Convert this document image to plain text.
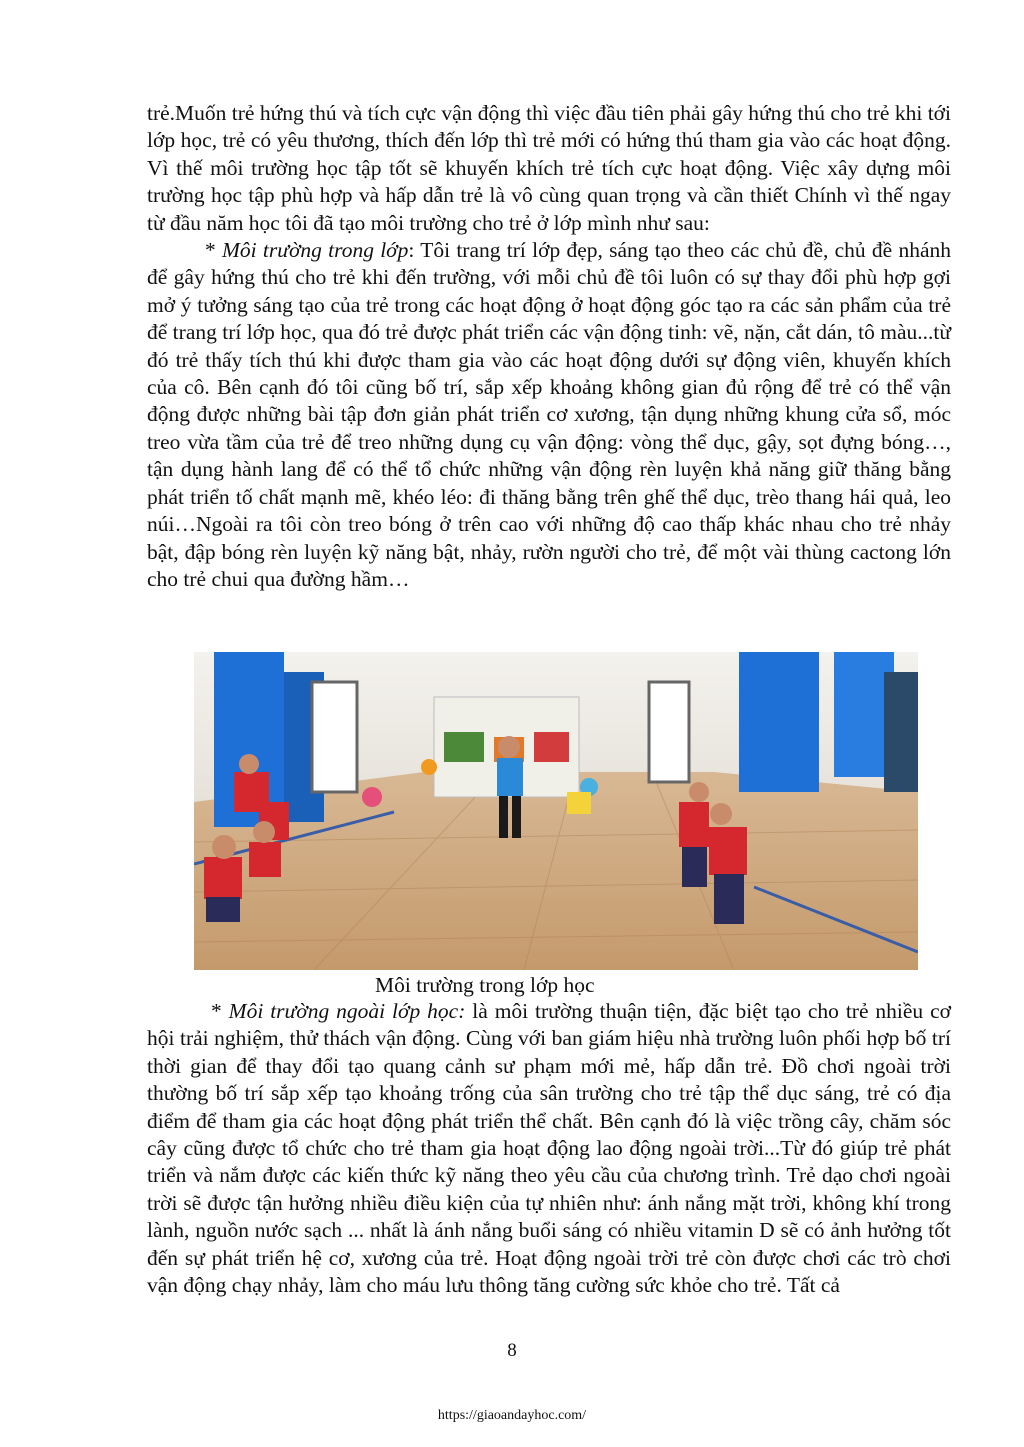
trẻ.Muốn trẻ hứng thú và tích cực vận động thì việc đầu tiên phải gây hứng thú cho trẻ khi tới lớp học, trẻ có yêu thương, thích đến lớp thì trẻ mới có hứng thú tham gia vào các hoạt động. Vì thế môi trường học tập tốt sẽ khuyến khích trẻ tích cực hoạt động. Việc xây dựng môi trường học tập phù hợp và hấp dẫn trẻ là vô cùng quan trọng và cần thiết Chính vì thế ngay từ đầu năm học tôi đã tạo môi trường cho trẻ ở lớp mình như sau:

* Môi trường trong lớp: Tôi trang trí lớp đẹp, sáng tạo theo các chủ đề, chủ đề nhánh để gây hứng thú cho trẻ khi đến trường, với mỗi chủ đề tôi luôn có sự thay đổi phù hợp gợi mở ý tưởng sáng tạo của trẻ trong các hoạt động ở hoạt động góc tạo ra các sản phẩm của trẻ để trang trí lớp học, qua đó trẻ được phát triển các vận động tinh: vẽ, nặn, cắt dán, tô màu...từ đó trẻ thấy tích thú khi được tham gia vào các hoạt động dưới sự động viên, khuyến khích của cô. Bên cạnh đó tôi cũng bố trí, sắp xếp khoảng không gian đủ rộng để trẻ có thể vận động được những bài tập đơn giản phát triển cơ xương, tận dụng những khung cửa sổ, móc treo vừa tầm của trẻ để treo những dụng cụ vận động: vòng thể dục, gậy, sọt đựng bóng…, tận dụng hành lang để có thể tổ chức những vận động rèn luyện khả năng giữ thăng bằng phát triển tố chất mạnh mẽ, khéo léo: đi thăng bằng trên ghế thể dục, trèo thang hái quả, leo núi…Ngoài ra tôi còn treo bóng ở trên cao với những độ cao thấp khác nhau cho trẻ nhảy bật, đập bóng rèn luyện kỹ năng bật, nhảy, rườn người cho trẻ, để một vài thùng cactong lớn cho trẻ chui qua đường hầm…

Môi trường trong lớp học

* Môi trường ngoài lớp học: là môi trường thuận tiện, đặc biệt tạo cho trẻ nhiều cơ hội trải nghiệm, thử thách vận động. Cùng với ban giám hiệu nhà trường luôn phối hợp bố trí thời gian để thay đổi tạo quang cảnh sư phạm mới mẻ, hấp dẫn trẻ. Đồ chơi ngoài trời thường bố trí sắp xếp tạo khoảng trống của sân trường cho trẻ tập thể dục sáng, trẻ có địa điểm để tham gia các hoạt động phát triển thể chất. Bên cạnh đó là việc trồng cây, chăm sóc cây cũng được tổ chức cho trẻ tham gia hoạt động lao động ngoài trời...Từ đó giúp trẻ phát triển và nắm được các kiến thức kỹ năng theo yêu cầu của chương trình. Trẻ dạo chơi ngoài trời sẽ được tận hưởng nhiều điều kiện của tự nhiên như: ánh nắng mặt trời, không khí trong lành, nguồn nước sạch ... nhất là ánh nắng buổi sáng có nhiều vitamin D sẽ có ảnh hưởng tốt đến sự phát triển hệ cơ, xương của trẻ. Hoạt động ngoài trời trẻ còn được chơi các trò chơi vận động chạy nhảy, làm cho máu lưu thông tăng cường sức khỏe cho trẻ. Tất cả

8
https://giaoandayhoc.com/
